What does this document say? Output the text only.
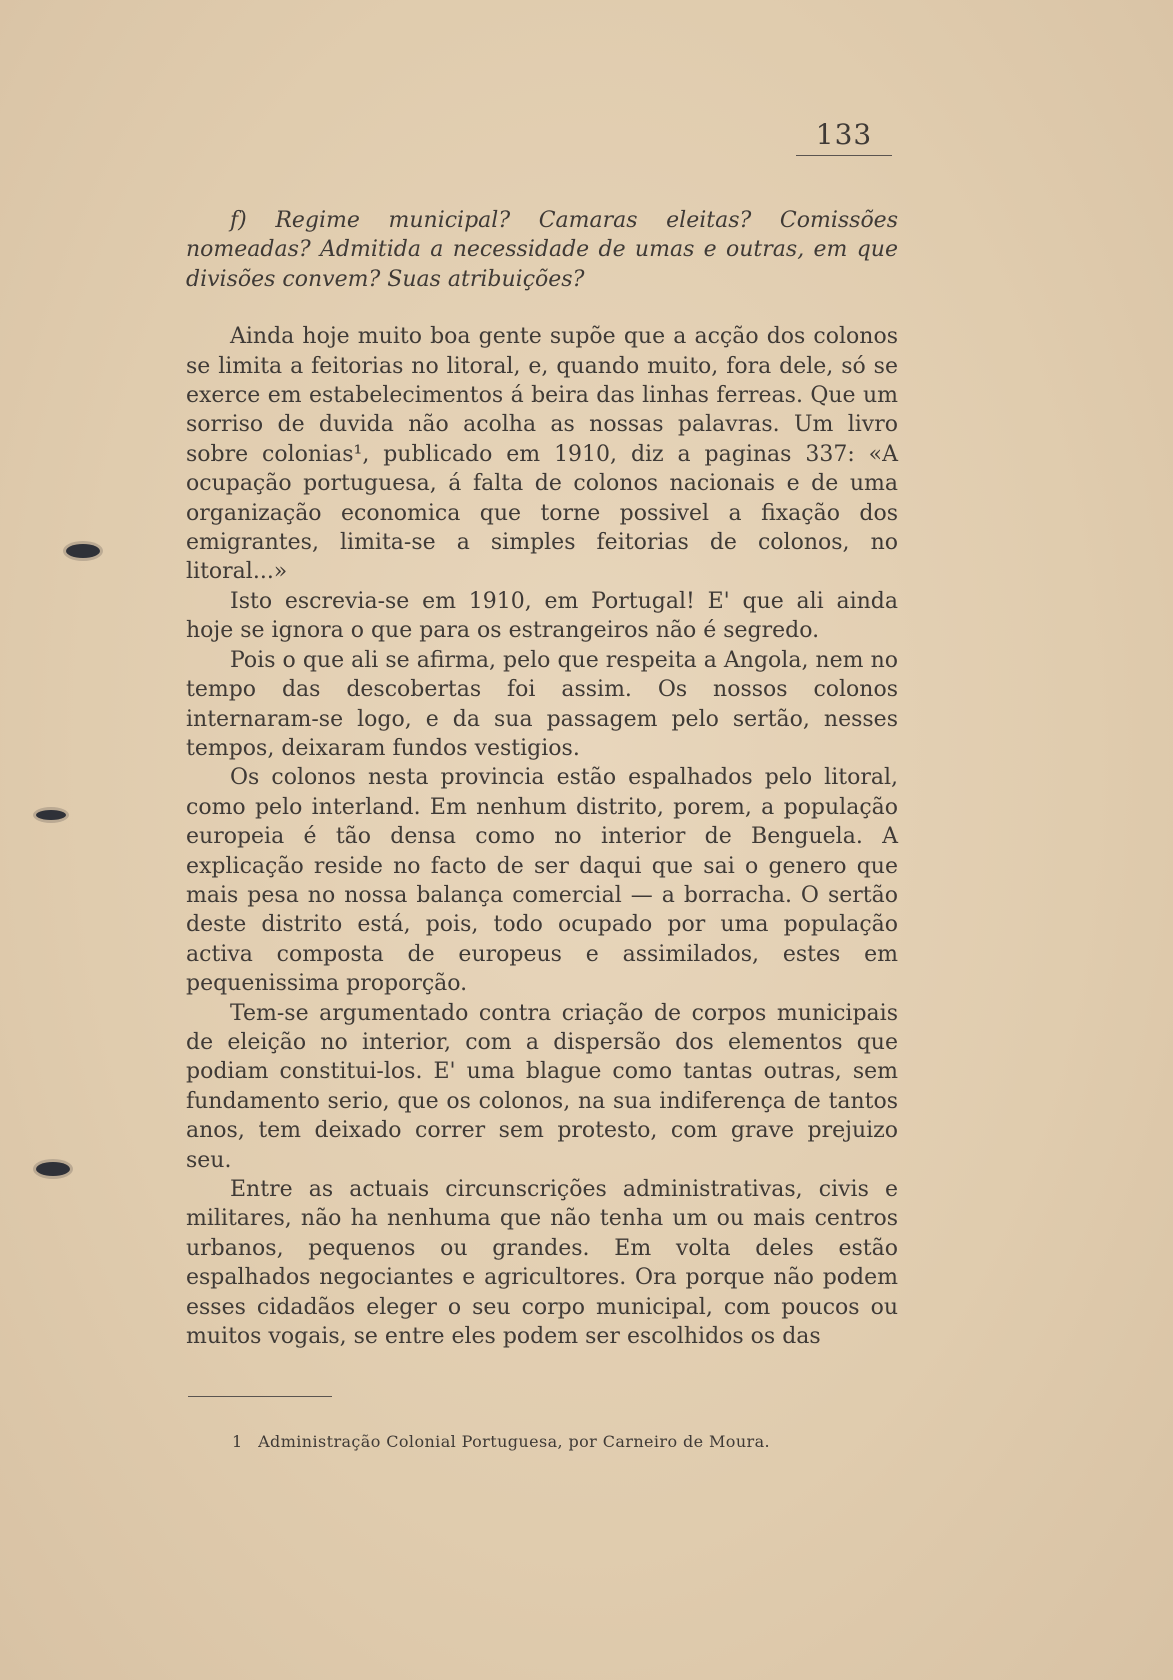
133

f) Regime municipal? Camaras eleitas? Comissões nomeadas? Admitida a necessidade de umas e outras, em que divisões convem? Suas atribuições?

Ainda hoje muito boa gente supõe que a acção dos colonos se limita a feitorias no litoral, e, quando muito, fora dele, só se exerce em estabelecimentos á beira das linhas ferreas. Que um sorriso de duvida não acolha as nossas palavras. Um livro sobre colonias¹, publicado em 1910, diz a paginas 337: «A ocupação portuguesa, á falta de colonos nacionais e de uma organização economica que torne possivel a fixação dos emigrantes, limita-se a simples feitorias de colonos, no litoral...»

Isto escrevia-se em 1910, em Portugal! E' que ali ainda hoje se ignora o que para os estrangeiros não é segredo.

Pois o que ali se afirma, pelo que respeita a Angola, nem no tempo das descobertas foi assim. Os nossos colonos internaram-se logo, e da sua passagem pelo sertão, nesses tempos, deixaram fundos vestigios.

Os colonos nesta provincia estão espalhados pelo litoral, como pelo interland. Em nenhum distrito, porem, a população europeia é tão densa como no interior de Benguela. A explicação reside no facto de ser daqui que sai o genero que mais pesa no nossa balança comercial — a borracha. O sertão deste distrito está, pois, todo ocupado por uma população activa composta de europeus e assimilados, estes em pequenissima proporção.

Tem-se argumentado contra criação de corpos municipais de eleição no interior, com a dispersão dos elementos que podiam constitui-los. E' uma blague como tantas outras, sem fundamento serio, que os colonos, na sua indiferença de tantos anos, tem deixado correr sem protesto, com grave prejuizo seu.

Entre as actuais circunscrições administrativas, civis e militares, não ha nenhuma que não tenha um ou mais centros urbanos, pequenos ou grandes. Em volta deles estão espalhados negociantes e agricultores. Ora porque não podem esses cidadãos eleger o seu corpo municipal, com poucos ou muitos vogais, se entre eles podem ser escolhidos os das

1 Administração Colonial Portuguesa, por Carneiro de Moura.
